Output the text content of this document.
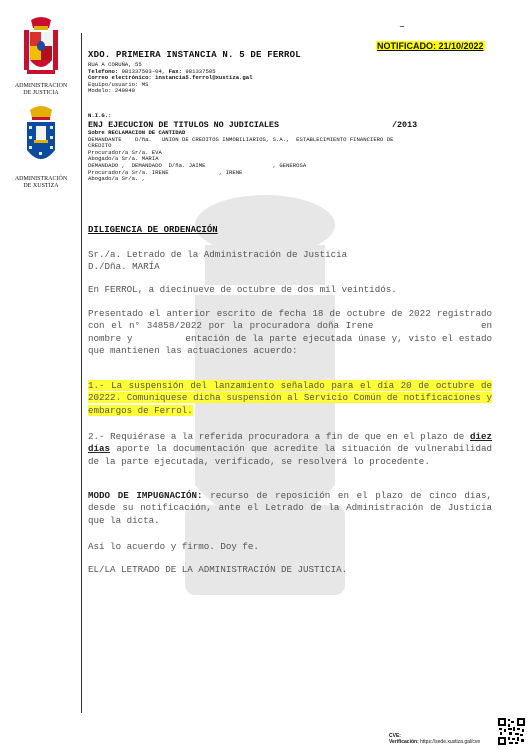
–
NOTIFICADO: 21/10/2022
ADMINISTRACION
DE JUSTICIA
ADMINISTRACIÓN
DE XUSTIZA
XDO. PRIMEIRA INSTANCIA N. 5 DE FERROL
RUA A CORUÑA, 55
Telefono: 981337503-04, Fax: 981337505
Correo electrónico: instancia5.ferrol@xustiza.gal
Equipo/usuario: MS
Modelo: 240040
N.I.G.:
ENJ EJECUCION DE TITULOS NO JUDICIALES	/2013
Sobre RECLAMACION DE CANTIDAD
DEMANDANTE    D/ña.   UNION DE CREDITOS INMOBILIARIOS, S.A.,  ESTABLECIMIENTO FINANCIERO DE
CREDITO
Procurador/a Sr/a. EVA
Abogado/a Sr/a. MARIA
DEMANDADO ,  DEMANDADO  D/ña. JAIME                    , GENEROSA
Procurador/a Sr/a. IRENE               , IRENE
Abogado/a Sr/a. ,
DILIGENCIA DE ORDENACIÓN
Sr./a. Letrado de la Administración de Justicia
D./Dña. MARÍA
En FERROL, a diecinueve de octubre de dos mil veintidós.
Presentado el anterior escrito de fecha 18 de octubre de 2022 registrado con el n° 34858/2022 por la procuradora doña Irene                en nombre y         entación de la parte ejecutada únase y, visto el estado que mantienen las actuaciones acuerdo:
1.- La suspensión del lanzamiento señalado para el día 20 de octubre de 20222. Comuníquese dicha suspensión al Servicio Común de notificaciones y embargos de Ferrol.
2.- Requiérase a la referida procuradora a fin de que en el plazo de diez días aporte la documentación que acredite la situación de vulnerabilidad de la parte ejecutada, verificado, se resolverá lo procedente.
MODO DE IMPUGNACIÓN: recurso de reposición en el plazo de cinco días, desde su notificación, ante el Letrado de la Administración de Justicia que la dicta.
Así lo acuerdo y firmo. Doy fe.
EL/LA LETRADO DE LA ADMINISTRACIÓN DE JUSTICIA.
CVE:
Verificación: https://sede.xustiza.gal/cve
